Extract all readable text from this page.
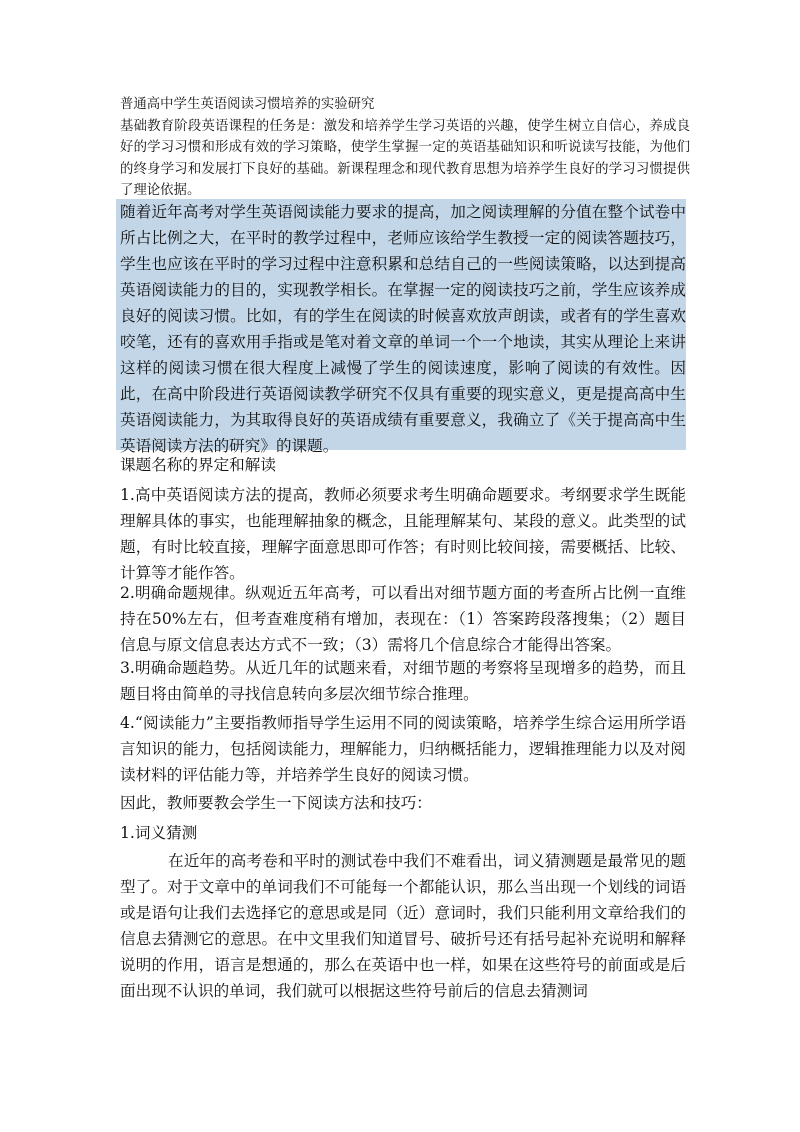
普通高中学生英语阅读习惯培养的实验研究

基础教育阶段英语课程的任务是：激发和培养学生学习英语的兴趣，使学生树立自信心，养成良好的学习习惯和形成有效的学习策略，使学生掌握一定的英语基础知识和听说读写技能，为他们的终身学习和发展打下良好的基础。新课程理念和现代教育思想为培养学生良好的学习习惯提供了理论依据。

随着近年高考对学生英语阅读能力要求的提高，加之阅读理解的分值在整个试卷中所占比例之大，在平时的教学过程中，老师应该给学生教授一定的阅读答题技巧，学生也应该在平时的学习过程中注意积累和总结自己的一些阅读策略，以达到提高英语阅读能力的目的，实现教学相长。在掌握一定的阅读技巧之前，学生应该养成良好的阅读习惯。比如，有的学生在阅读的时候喜欢放声朗读，或者有的学生喜欢咬笔，还有的喜欢用手指或是笔对着文章的单词一个一个地读，其实从理论上来讲这样的阅读习惯在很大程度上减慢了学生的阅读速度，影响了阅读的有效性。因此，在高中阶段进行英语阅读教学研究不仅具有重要的现实意义，更是提高高中生英语阅读能力，为其取得良好的英语成绩有重要意义，我确立了《关于提高高中生英语阅读方法的研究》的课题。

课题名称的界定和解读

1.高中英语阅读方法的提高，教师必须要求考生明确命题要求。考纲要求学生既能理解具体的事实，也能理解抽象的概念，且能理解某句、某段的意义。此类型的试题，有时比较直接，理解字面意思即可作答；有时则比较间接，需要概括、比较、计算等才能作答。

2.明确命题规律。纵观近五年高考，可以看出对细节题方面的考查所占比例一直维持在50%左右，但考查难度稍有增加，表现在：（1）答案跨段落搜集；（2）题目信息与原文信息表达方式不一致；（3）需将几个信息综合才能得出答案。

3.明确命题趋势。从近几年的试题来看，对细节题的考察将呈现增多的趋势，而且题目将由简单的寻找信息转向多层次细节综合推理。

4.“阅读能力”主要指教师指导学生运用不同的阅读策略，培养学生综合运用所学语言知识的能力，包括阅读能力，理解能力，归纳概括能力，逻辑推理能力以及对阅读材料的评估能力等，并培养学生良好的阅读习惯。

因此，教师要教会学生一下阅读方法和技巧：

1.词义猜测

在近年的高考卷和平时的测试卷中我们不难看出，词义猜测题是最常见的题型了。对于文章中的单词我们不可能每一个都能认识，那么当出现一个划线的词语或是语句让我们去选择它的意思或是同（近）意词时，我们只能利用文章给我们的信息去猜测它的意思。在中文里我们知道冒号、破折号还有括号起补充说明和解释说明的作用，语言是想通的，那么在英语中也一样，如果在这些符号的前面或是后面出现不认识的单词，我们就可以根据这些符号前后的信息去猜测词
